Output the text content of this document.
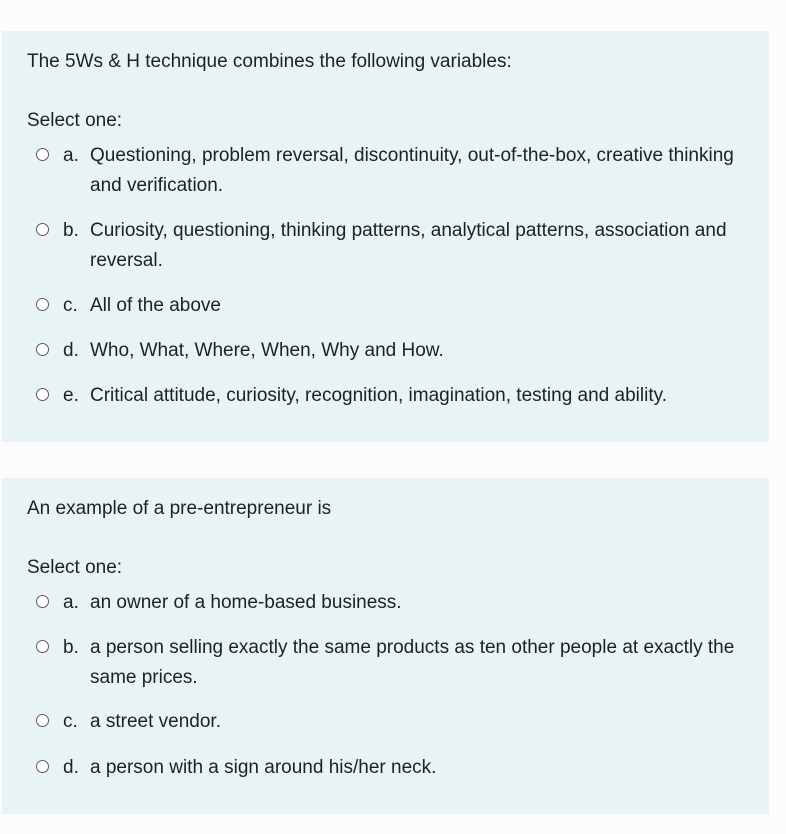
The 5Ws & H technique combines the following variables:

Select one:
a. Questioning, problem reversal, discontinuity, out-of-the-box, creative thinking and verification.
b. Curiosity, questioning, thinking patterns, analytical patterns, association and reversal.
c. All of the above
d. Who, What, Where, When, Why and How.
e. Critical attitude, curiosity, recognition, imagination, testing and ability.

An example of a pre-entrepreneur is

Select one:
a. an owner of a home-based business.
b. a person selling exactly the same products as ten other people at exactly the same prices.
c. a street vendor.
d. a person with a sign around his/her neck.
